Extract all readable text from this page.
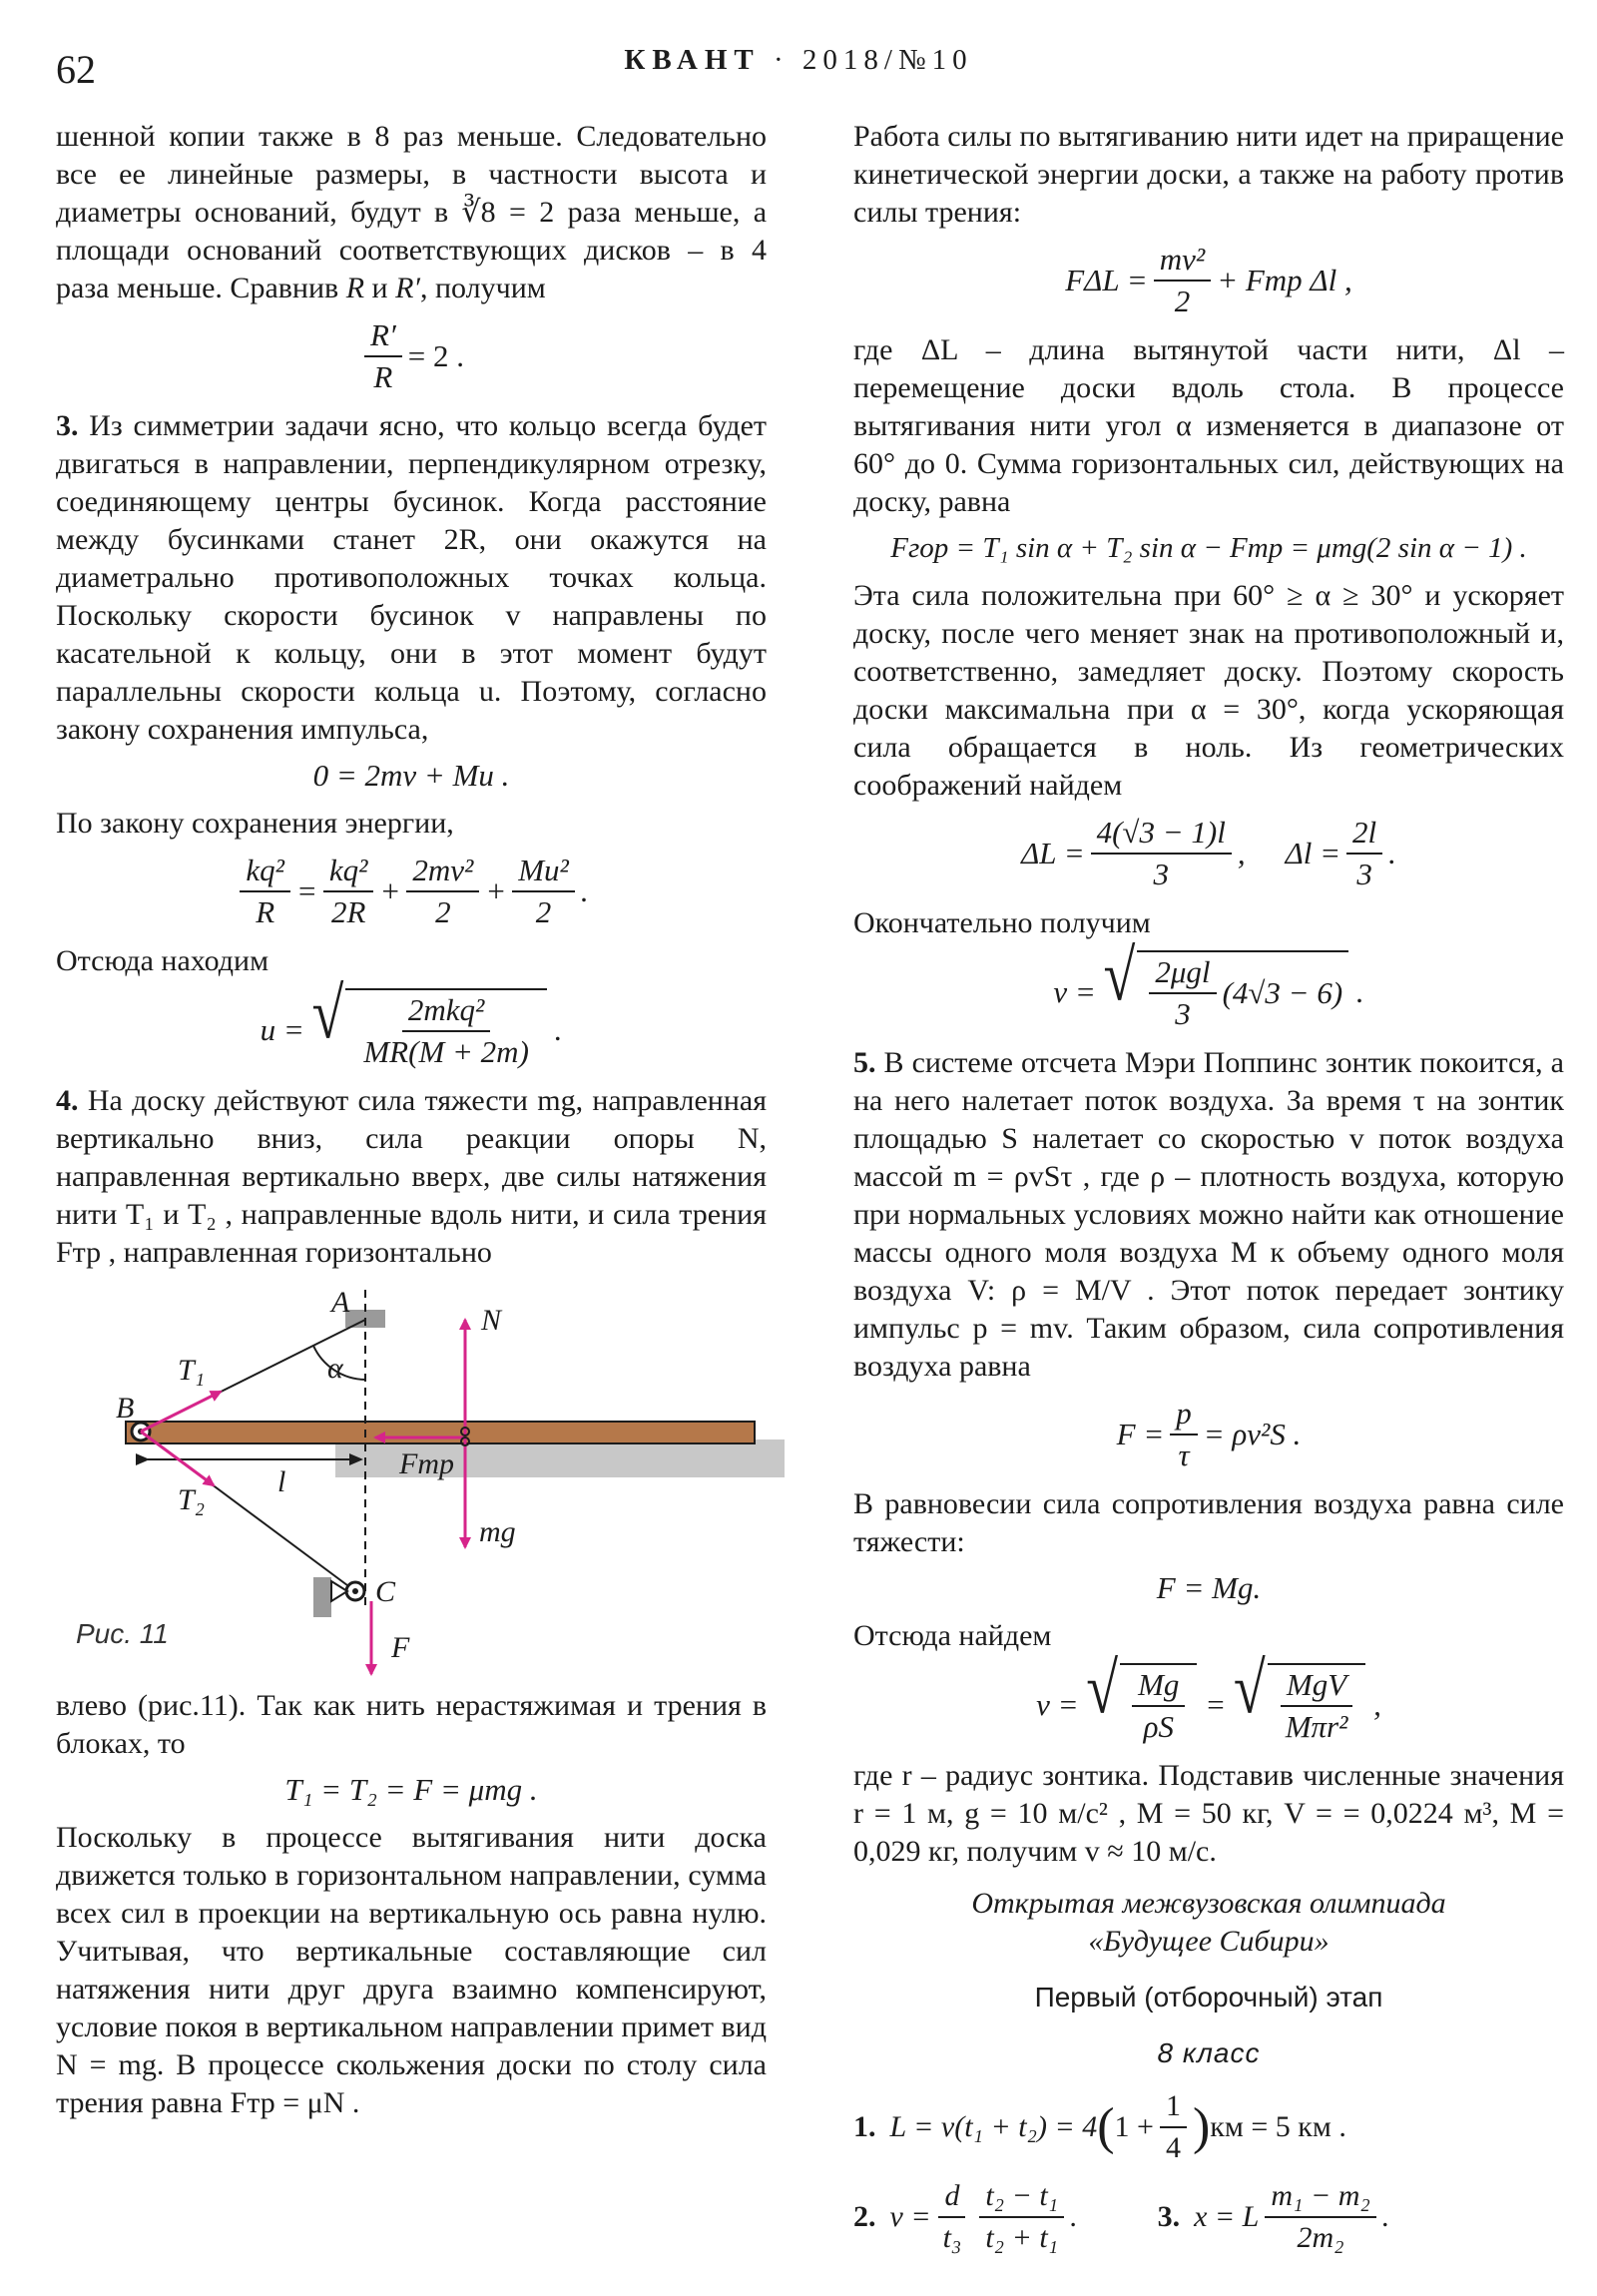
62	КВАНТ · 2018/№10

шенной копии также в 8 раз меньше. Следовательно все ее линейные размеры, в частности высота и диаметры оснований, будут в ∛8 = 2 раза меньше, а площади оснований соответствующих дисков – в 4 раза меньше. Сравнив R и R′, получим

$\frac{R'}{R} = 2$ .

3. Из симметрии задачи ясно, что кольцо всегда будет двигаться в направлении, перпендикулярном отрезку, соединяющему центры бусинок. Когда расстояние между бусинками станет 2R, они окажутся на диаметрально противоположных точках кольца. Поскольку скорости бусинок v направлены по касательной к кольцу, они в этот момент будут параллельны скорости кольца u. Поэтому, согласно закону сохранения импульса,

0 = 2mv + Mu .

По закону сохранения энергии,

$\frac{\text{kq²}}{R} = \frac{\text{kq²}}{2R} + \frac{\text{2mv²}}{2} + \frac{\text{Mu²}}{2}$ .

Отсюда находим

u =
√ $\frac{\text{2mkq²}}{MR(M + 2m)}$ .

4. На доску действуют сила тяжести mg, направленная вертикально вниз, сила реакции опоры N, направленная вертикально вверх, две силы натяжения нити T₁ и T₂ , направленные вдоль нити, и сила трения Fтр , направленная горизонтально

A
B
C
T₁
T₂
α
l
N
mg
Fтр
F
Рис. 11

влево (рис.11). Так как нить нерастяжимая и трения в блоках, то

T₁ = T₂ = F = μmg .

Поскольку в процессе вытягивания нити доска движется только в горизонтальном направлении, сумма всех сил в проекции на вертикальную ось равна нулю. Учитывая, что вертикальные составляющие сил натяжения нити друг друга взаимно компенсируют, условие покоя в вертикальном направлении примет вид N = mg. В процессе скольжения доски по столу сила трения равна Fтр = μN .

Работа силы по вытягиванию нити идет на приращение кинетической энергии доски, а также на работу против силы трения:

$F\Delta L = \frac{\text{mv²}}{2}$ + Fтр Δl ,

где ΔL – длина вытянутой части нити, Δl – перемещение доски вдоль стола. В процессе вытягивания нити угол α изменяется в диапазоне от 60° до 0. Сумма горизонтальных сил, действующих на доску, равна

Fгор = T₁ sin α + T₂ sin α − Fтр = μmg(2 sin α − 1) .

Эта сила положительна при 60° ≥ α ≥ 30° и ускоряет доску, после чего меняет знак на противоположный и, соответственно, замедляет доску. Поэтому скорость доски максимальна при α = 30°, когда ускоряющая сила обращается в ноль. Из геометрических соображений найдем

$\Delta L = \frac{4(√3 - 1)l}{3}$ , $\Delta l = \frac{2l}{3}$ .

Окончательно получим

v =
√ $\frac{\text{2μgl}}{3} (4√3 - 6)$ .

5. В системе отсчета Мэри Поппинс зонтик покоится, а на него налетает поток воздуха. За время τ на зонтик площадью S налетает со скоростью v поток воздуха массой m = ρvSτ , где ρ – плотность воздуха, которую при нормальных условиях можно найти как отношение массы одного моля воздуха Μ к объему одного моля воздуха V: ρ = Μ/V . Этот поток передает зонтику импульс p = mv. Таким образом, сила сопротивления воздуха равна

$F = \frac{p}{\tau} = \rho v^2S$ .

В равновесии сила сопротивления воздуха равна силе тяжести:

F = Mg.

Отсюда найдем

v =
√ $\frac{Mg}{\rho S}$ = √ $\frac{\text{MgV}}{\text{Μπr²}}$ ,

где r – радиус зонтика. Подставив численные значения r = 1 м, g = 10 м/с² , M = 50 кг, V = = 0,0224 м³, Μ = 0,029 кг, получим v ≈ 10 м/с.

Открытая межвузовская олимпиада
«Будущее Сибири»
Первый (отборочный) этап
8 класс
1. L = v(t₁ + t₂) = 4 ( $1 + \frac{1}{4}$ ) км = 5 км .
2. $v = \frac{d}{\text{t₃}} \frac{\text{t₂ − t₁}}{\text{t₂ + t₁}}$ .	3. x = L $\frac{\text{m₁ − m₂}}{\text{2m₂}}$ .
